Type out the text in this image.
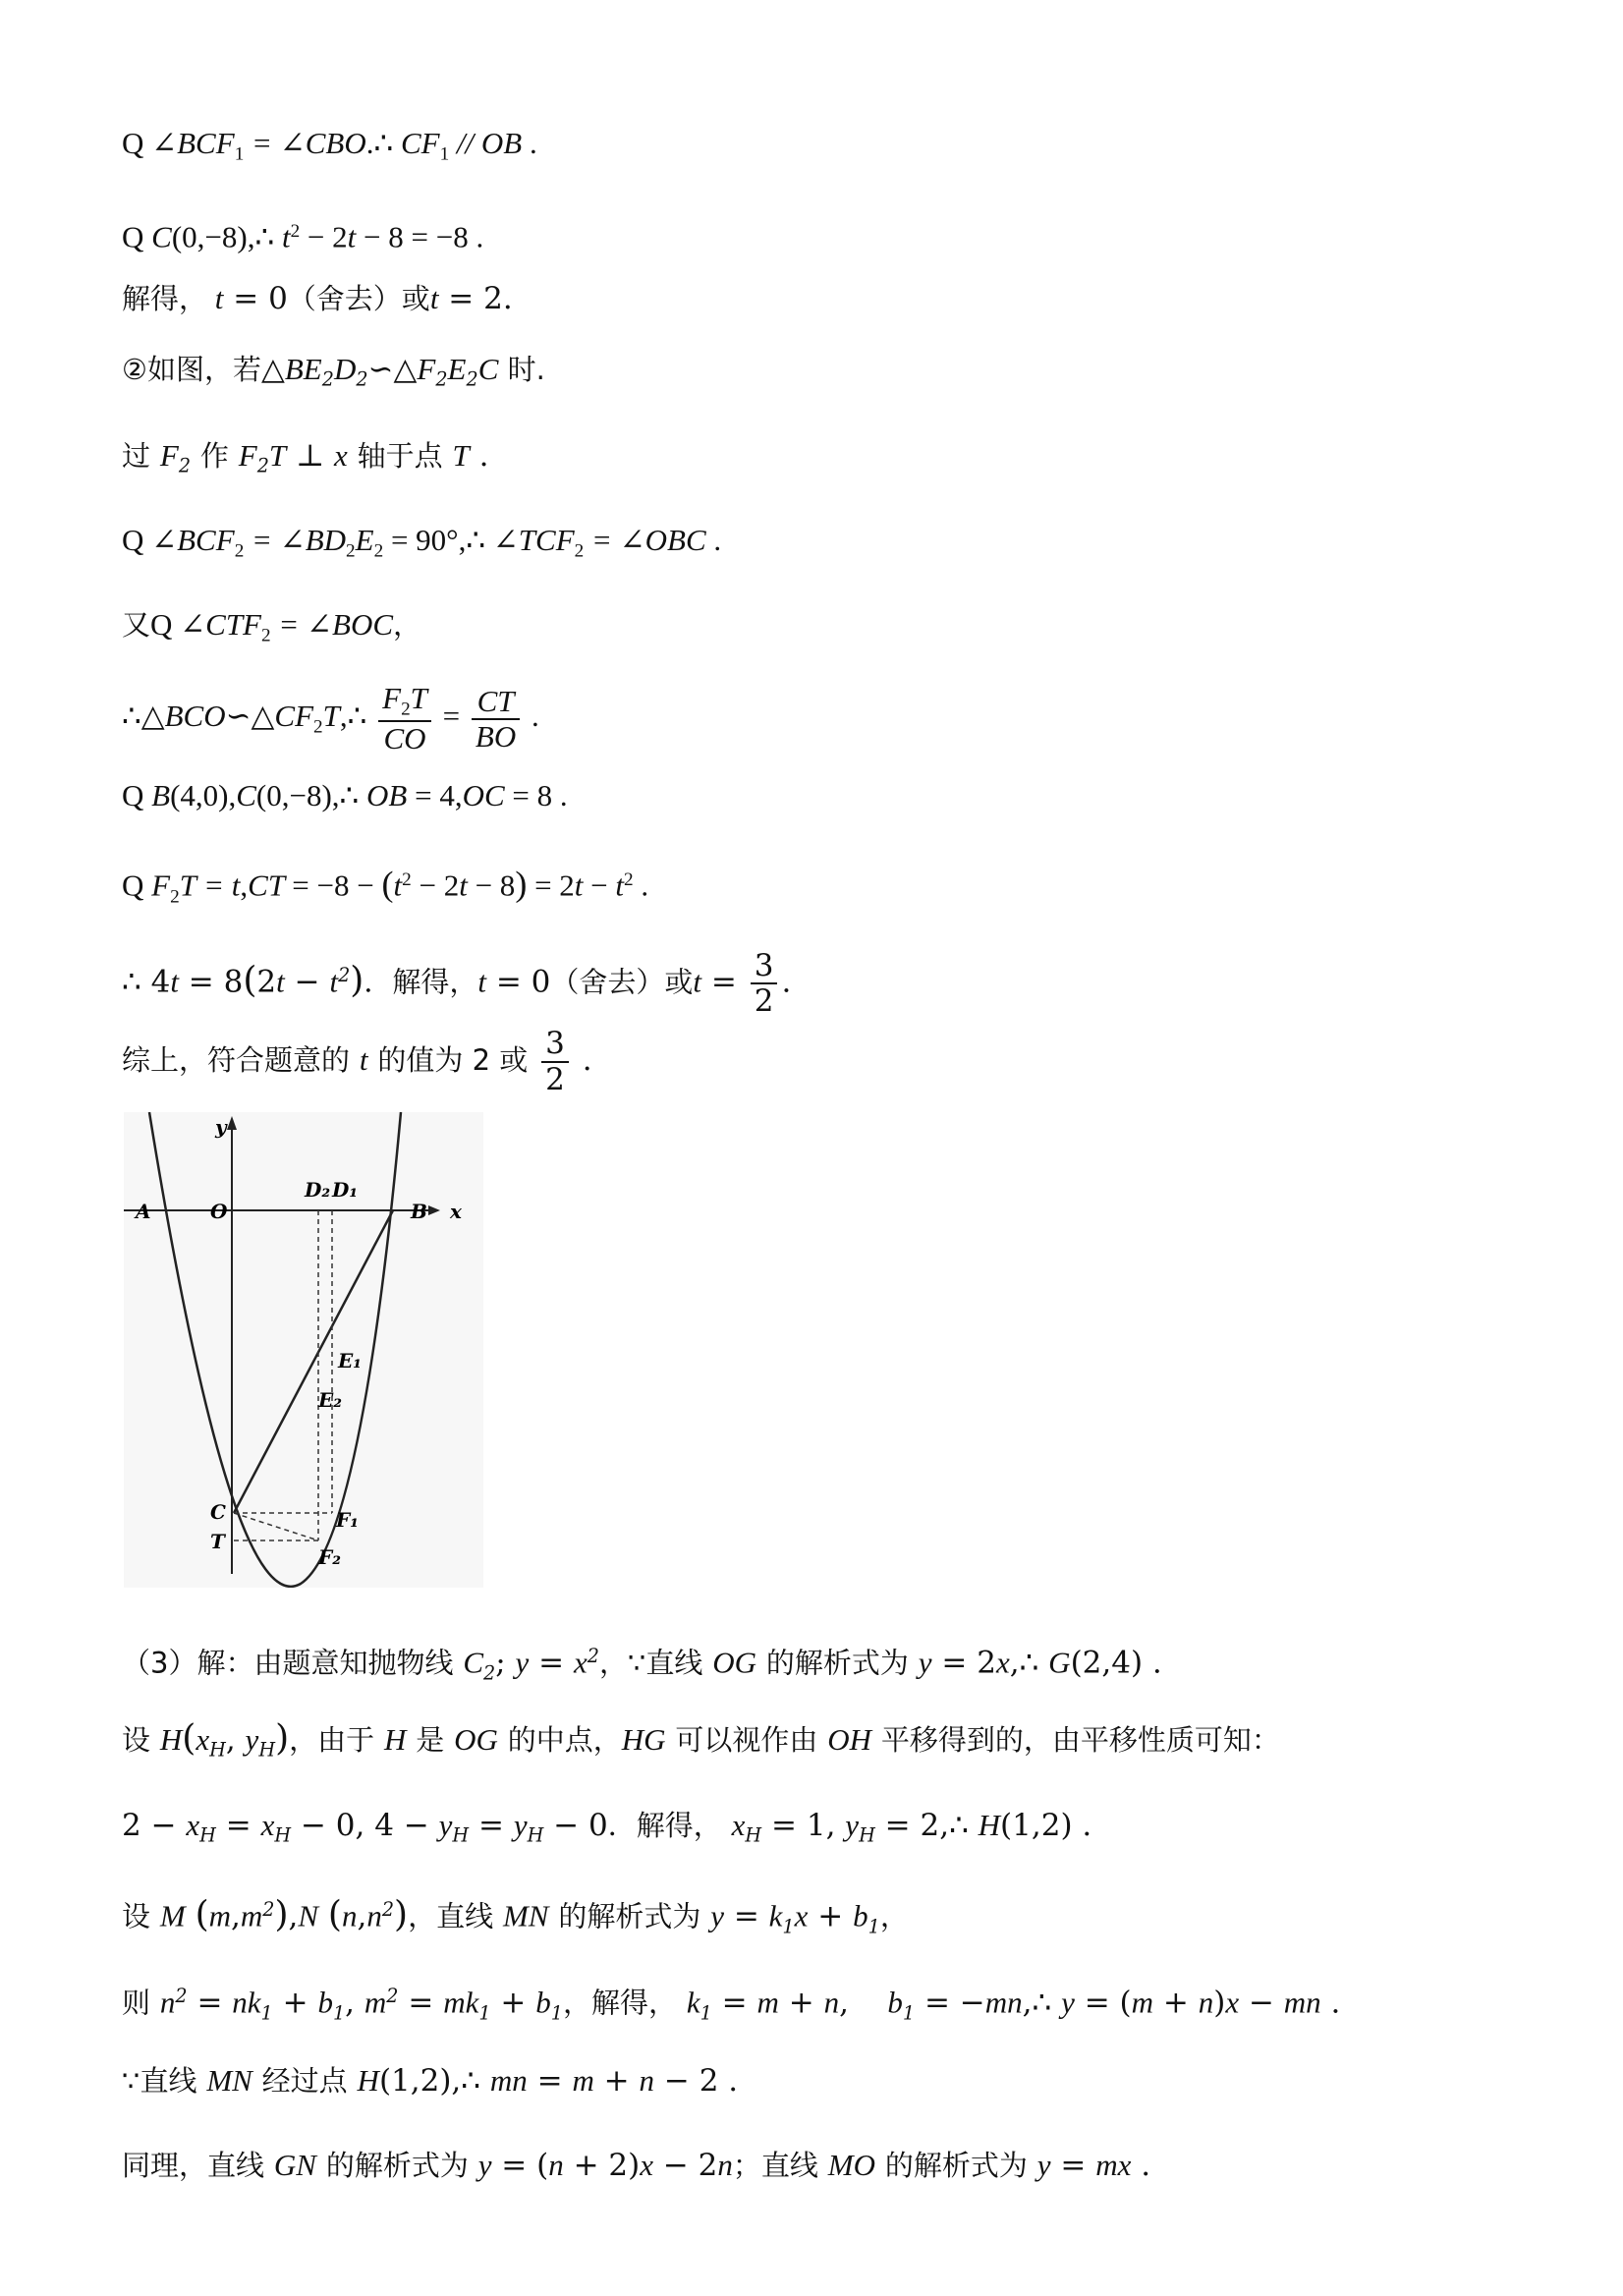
Q $\angle BCF_1$ = ∠CBO.∴ $CF_1$ // OB .
Q C(0,−8),∴ $t^2 - 2t - 8 = -8$ .
解得， t = 0（舍去）或t = 2.
②如图，若$\triangle BE_2D_2∽\triangle F_2E_2C$ 时.
过 $F_2$ 作 $F_2T$ ⊥ x 轴于点 T .
Q $\angle BCF_2$ = $\angle BD_2E_2$ = 90°,∴ $\angle TCF_2$ = ∠OBC .
又Q $\angle CTF_2$ = ∠BOC，
$\therefore\triangle BCO∽\triangle CF_2T,\therefore \frac{F_2T}{CO} = \frac{CT}{BO}$ .
Q B(4,0),C(0,−8),∴ OB = 4,OC = 8 .
Q $F_2T = t,CT = -8 - (t^2 - 2t - 8) = 2t - t^2$ .
∴ $4t = 8(2t - t^2)$．解得，t = 0（舍去）或$t = \frac{3}{2}$ .
综上，符合题意的 t 的值为 2 或 $\frac{3}{2}$ .
y
x
A	O	B
D₂ D₁
E₁
E₂
C
T
F₁
F₂
（3）解：由题意知抛物线 $C_2$; $y = x^2$，∵直线 OG 的解析式为 y = 2x,∴ G(2,4) .
设 $H(x_H$, $y_H$)，由于 H 是 OG 的中点，HG 可以视作由 OH 平移得到的，由平移性质可知：
$2 - x_H = x_H - 0$, $4 - y_H = y_H - 0$．解得， $x_H = 1$, $y_H$ = 2,∴ H(1,2) .
设 M $(m,m^2),N$ $(n,n^2)$，直线 MN 的解析式为 $y = k_1x + b_1$，
则 $n^2 = nk_1 + b_1$, $m^2 = mk_1 + b_1$，解得， $k_1 = m + n$,    $b_1$ = −mn,∴ y = (m + n)x − mn .
∵直线 MN 经过点 H(1,2),∴ mn = m + n − 2 .
同理，直线 GN 的解析式为 y = (n + 2)x − 2n；直线 MO 的解析式为 y = mx .
